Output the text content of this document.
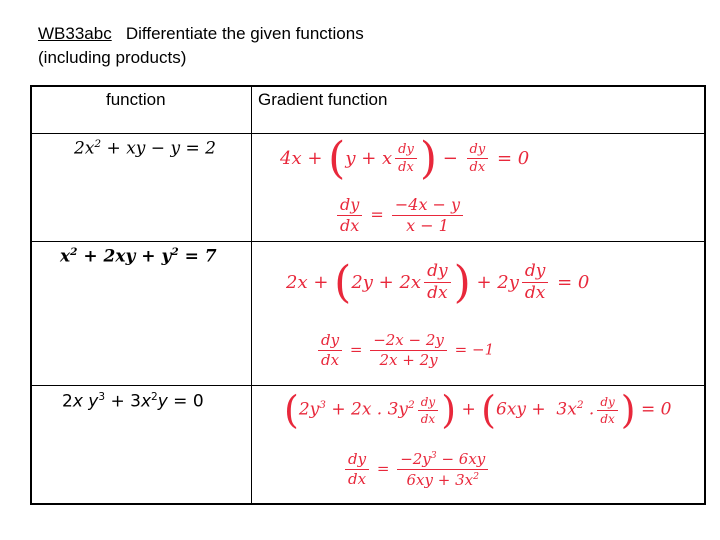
WB33abc Differentiate the given functions
(including products)
function	Gradient function
$2x^2$ + xy − y = 2	4x + (y + x $\frac{dy}{dx}$ ) − $\frac{dy}{dx} = 0$
$\frac{dy}{dx} = \frac{-4x - y}{x - 1}$
$x^2 + 2xy + y^2 = 7$
$2x + (2y + 2x \frac{dy}{dx}$ ) + $2y \frac{dy}{dx} = 0$
$\frac{dy}{dx} = \frac{-2x - 2y}{2x + 2y} = -1$
2x $y^3 + 3x^2y = 0$ ($2y^3 + 2x$ . $3y^2 \frac{dy}{dx}$ ) + ($6xy + 3x^2$ . $\frac{dy}{dx}$ ) = 0
$\frac{dy}{dx} = \frac{-2y^3 - 6xy}{6xy + 3x^2}$
